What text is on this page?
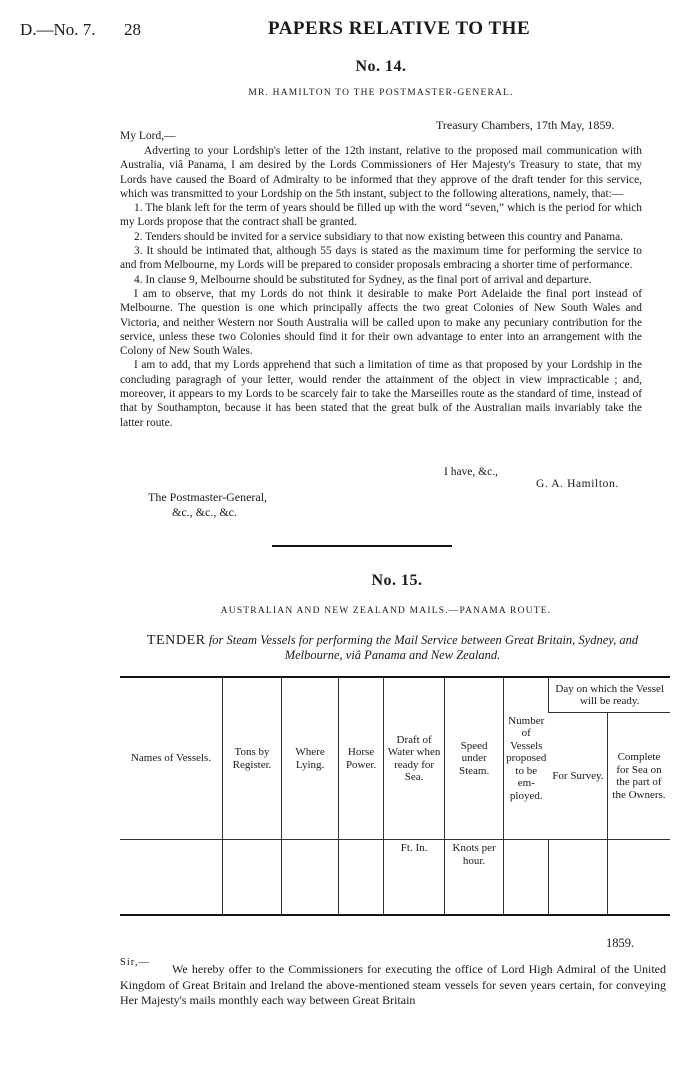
D.—No. 7. 28	PAPERS RELATIVE TO THE
No. 14.
MR. HAMILTON TO THE POSTMASTER-GENERAL.
Treasury Chambers, 17th May, 1859.
My Lord,—

Adverting to your Lordship's letter of the 12th instant, relative to the proposed mail communication with Australia, viâ Panama, I am desired by the Lords Commissioners of Her Majesty's Treasury to state, that my Lords have caused the Board of Admiralty to be informed that they approve of the draft tender for this service, which was transmitted to your Lordship on the 5th instant, subject to the following alterations, namely, that:—

1. The blank left for the term of years should be filled up with the word “seven,” which is the period for which my Lords propose that the contract shall be granted.

2. Tenders should be invited for a service subsidiary to that now existing between this country and Panama.

3. It should be intimated that, although 55 days is stated as the maximum time for performing the service to and from Melbourne, my Lords will be prepared to consider proposals embracing a shorter time of performance.

4. In clause 9, Melbourne should be substituted for Sydney, as the final port of arrival and departure.

I am to observe, that my Lords do not think it desirable to make Port Adelaide the final port instead of Melbourne. The question is one which principally affects the two great Colonies of New South Wales and Victoria, and neither Western nor South Australia will be called upon to make any pecuniary contribution for the service, unless these two Colonies should find it for their own advantage to enter into an arrangement with the Colony of New South Wales.

I am to add, that my Lords apprehend that such a limitation of time as that proposed by your Lordship in the concluding paragragh of your letter, would render the attainment of the object in view impracticable ; and, moreover, it appears to my Lords to be scarcely fair to take the Marseilles route as the standard of time, instead of that by Southampton, because it has been stated that the great bulk of the Australian mails invariably take the latter route.

I have, &c.,
G. A. Hamilton.
The Postmaster-General,
&c., &c., &c.
No. 15.
AUSTRALIAN AND NEW ZEALAND MAILS.—PANAMA ROUTE.
TENDER for Steam Vessels for performing the Mail Service between Great Britain, Sydney, and
Melbourne, viâ Panama and New Zealand.
Names of Vessels.	Tons by Register.	Where Lying.	Horse Power.	Draft of Water when ready for Sea.	Speed under Steam.	Number of Vessels proposed to be em- ployed.	Day on which the Vessel will be ready.	
							For Survey.	Complete for Sea on the part of the Owners.
				Ft. In.	Knots per hour.			
1859.
Sir,—	We hereby offer to the Commissioners for executing the office of Lord High Admiral of the United Kingdom of Great Britain and Ireland the above-mentioned steam vessels for seven years certain, for conveying Her Majesty's mails monthly each way between Great Britain
